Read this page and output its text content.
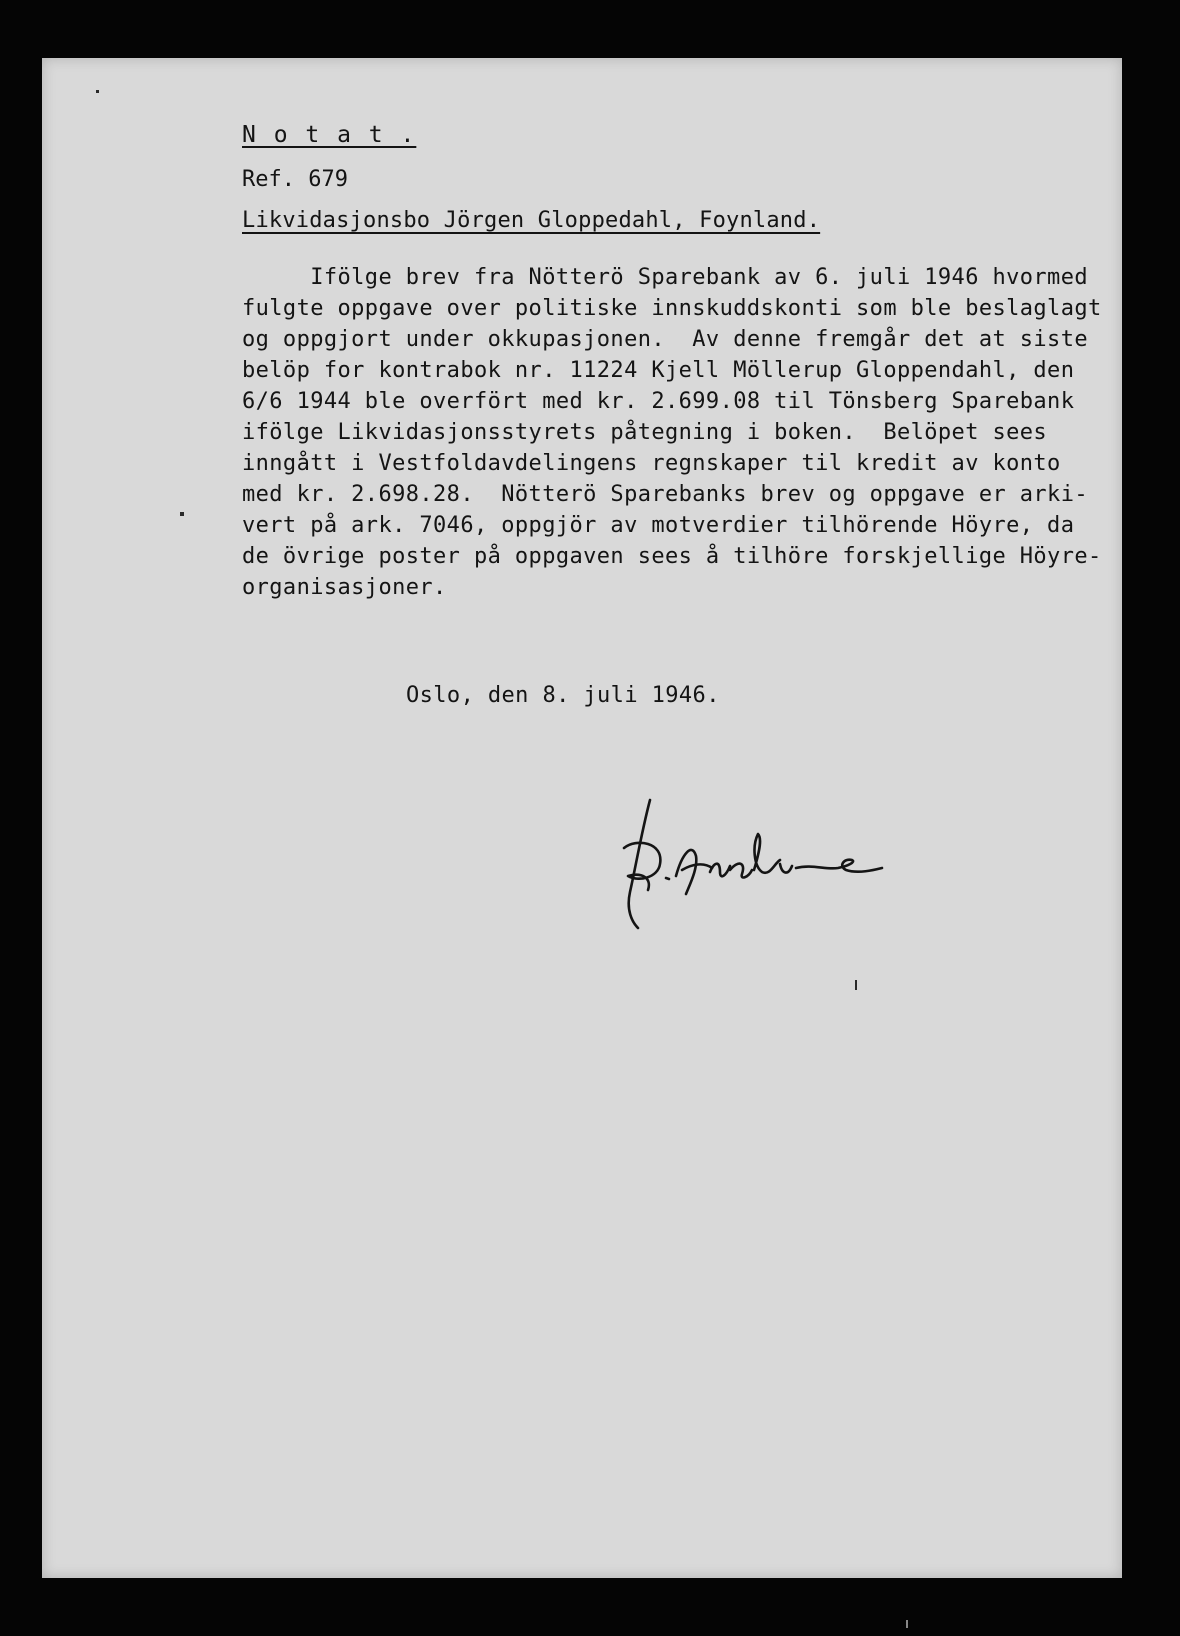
N o t a t .
Ref. 679
Likvidasjonsbo Jörgen Gloppedahl, Foynland.
Ifölge brev fra Nötterö Sparebank av 6. juli 1946 hvormed
fulgte oppgave over politiske innskuddskonti som ble beslaglagt
og oppgjort under okkupasjonen.  Av denne fremgår det at siste
belöp for kontrabok nr. 11224 Kjell Möllerup Gloppendahl, den
6/6 1944 ble overfört med kr. 2.699.08 til Tönsberg Sparebank
ifölge Likvidasjonsstyrets påtegning i boken.  Belöpet sees
inngått i Vestfoldavdelingens regnskaper til kredit av konto
med kr. 2.698.28.  Nötterö Sparebanks brev og oppgave er arki-
vert på ark. 7046, oppgjör av motverdier tilhörende Höyre, da
de övrige poster på oppgaven sees å tilhöre forskjellige Höyre-
organisasjoner.
Oslo, den 8. juli 1946.
